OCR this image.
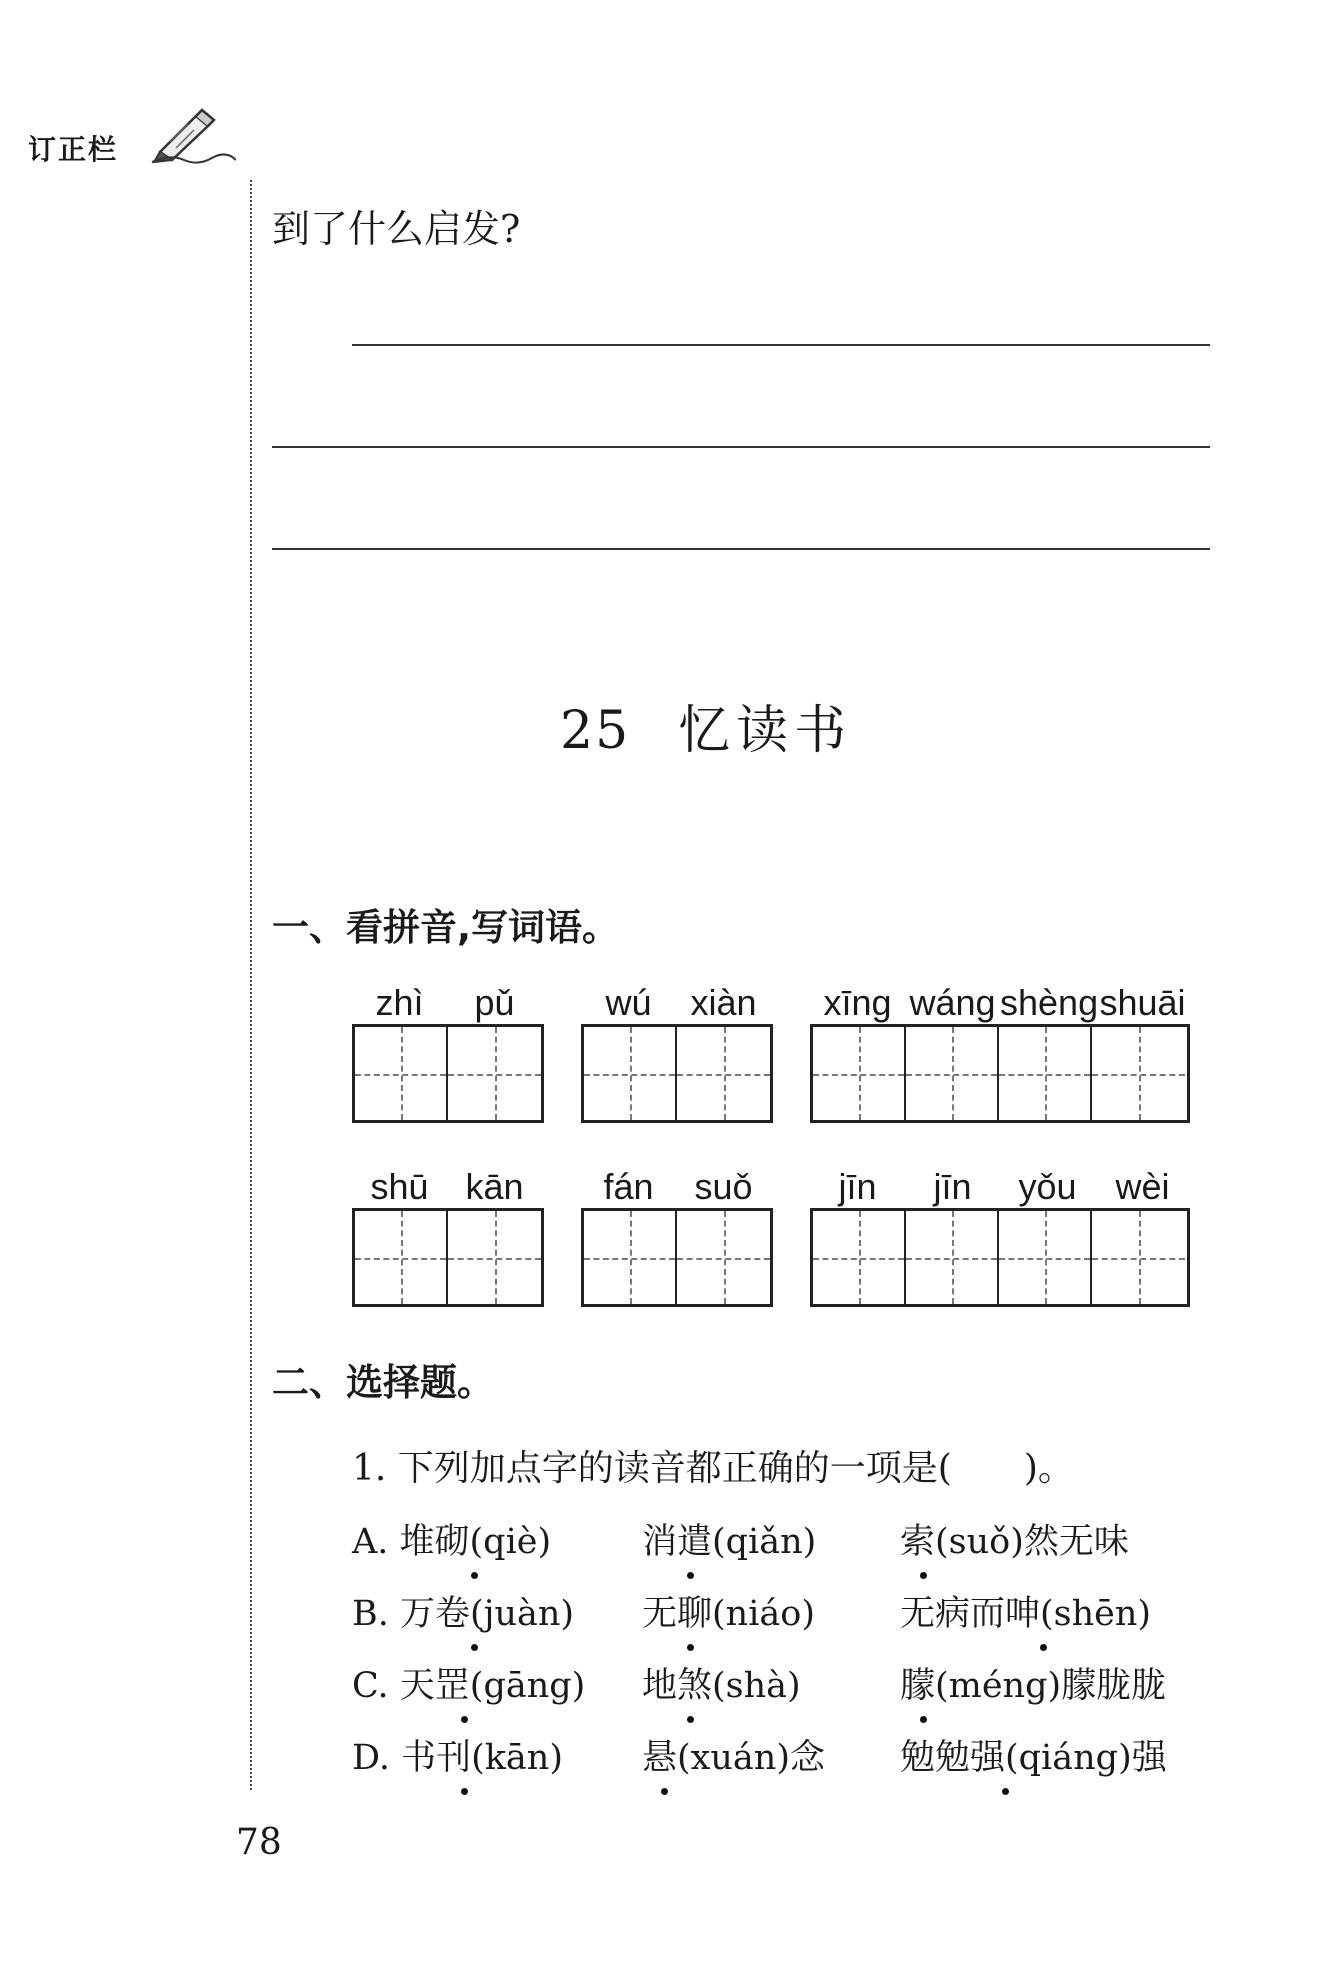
订正栏
到了什么启发?
25 忆读书
一、看拼音,写词语。
zhì	pǔ	wú	xiàn	xīng wáng shèng shuāi
shū	kān	fán	suǒ	jīn	jīn	yǒu	wèi
二、选择题。
1. 下列加点字的读音都正确的一项是(　　)。
A. 堆砌(qiè)	消遣(qiǎn) 索(suǒ)然无味
B. 万卷(juàn) 无聊(niáo) 无病而呻(shēn)
C. 天罡(gāng) 地煞(shà)	朦(méng)朦胧胧
D. 书刊(kān) 悬(xuán)念 勉勉强(qiáng)强
78
